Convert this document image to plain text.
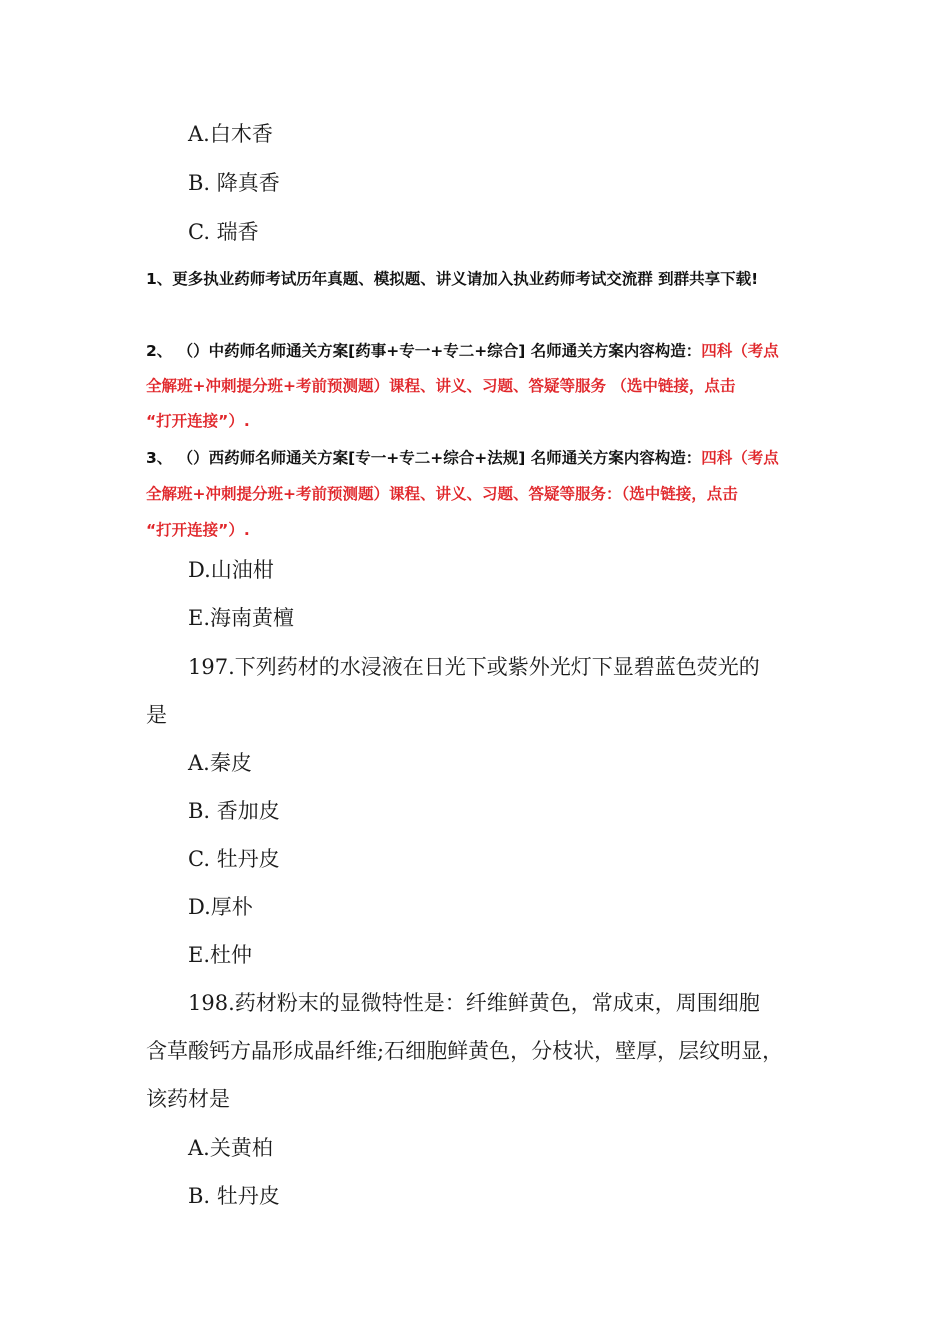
A.白木香
B. 降真香
C. 瑞香
1、更多执业药师考试历年真题、模拟题、讲义请加入执业药师考试交流群 到群共享下载!
2、 （）中药师名师通关方案[药事+专一+专二+综合] 名师通关方案内容构造：四科（考点
全解班+冲刺提分班+考前预测题）课程、讲义、习题、答疑等服务 （选中链接，点击
“打开连接”）.
3、 （）西药师名师通关方案[专一+专二+综合+法规] 名师通关方案内容构造：四科（考点
全解班+冲刺提分班+考前预测题）课程、讲义、习题、答疑等服务：（选中链接，点击
“打开连接”）.
D.山油柑
E.海南黄檀
197.下列药材的水浸液在日光下或紫外光灯下显碧蓝色荧光的
是
A.秦皮
B. 香加皮
C. 牡丹皮
D.厚朴
E.杜仲
198.药材粉末的显微特性是：纤维鲜黄色，常成束，周围细胞
含草酸钙方晶形成晶纤维;石细胞鲜黄色，分枝状，壁厚，层纹明显，
该药材是
A.关黄柏
B. 牡丹皮
